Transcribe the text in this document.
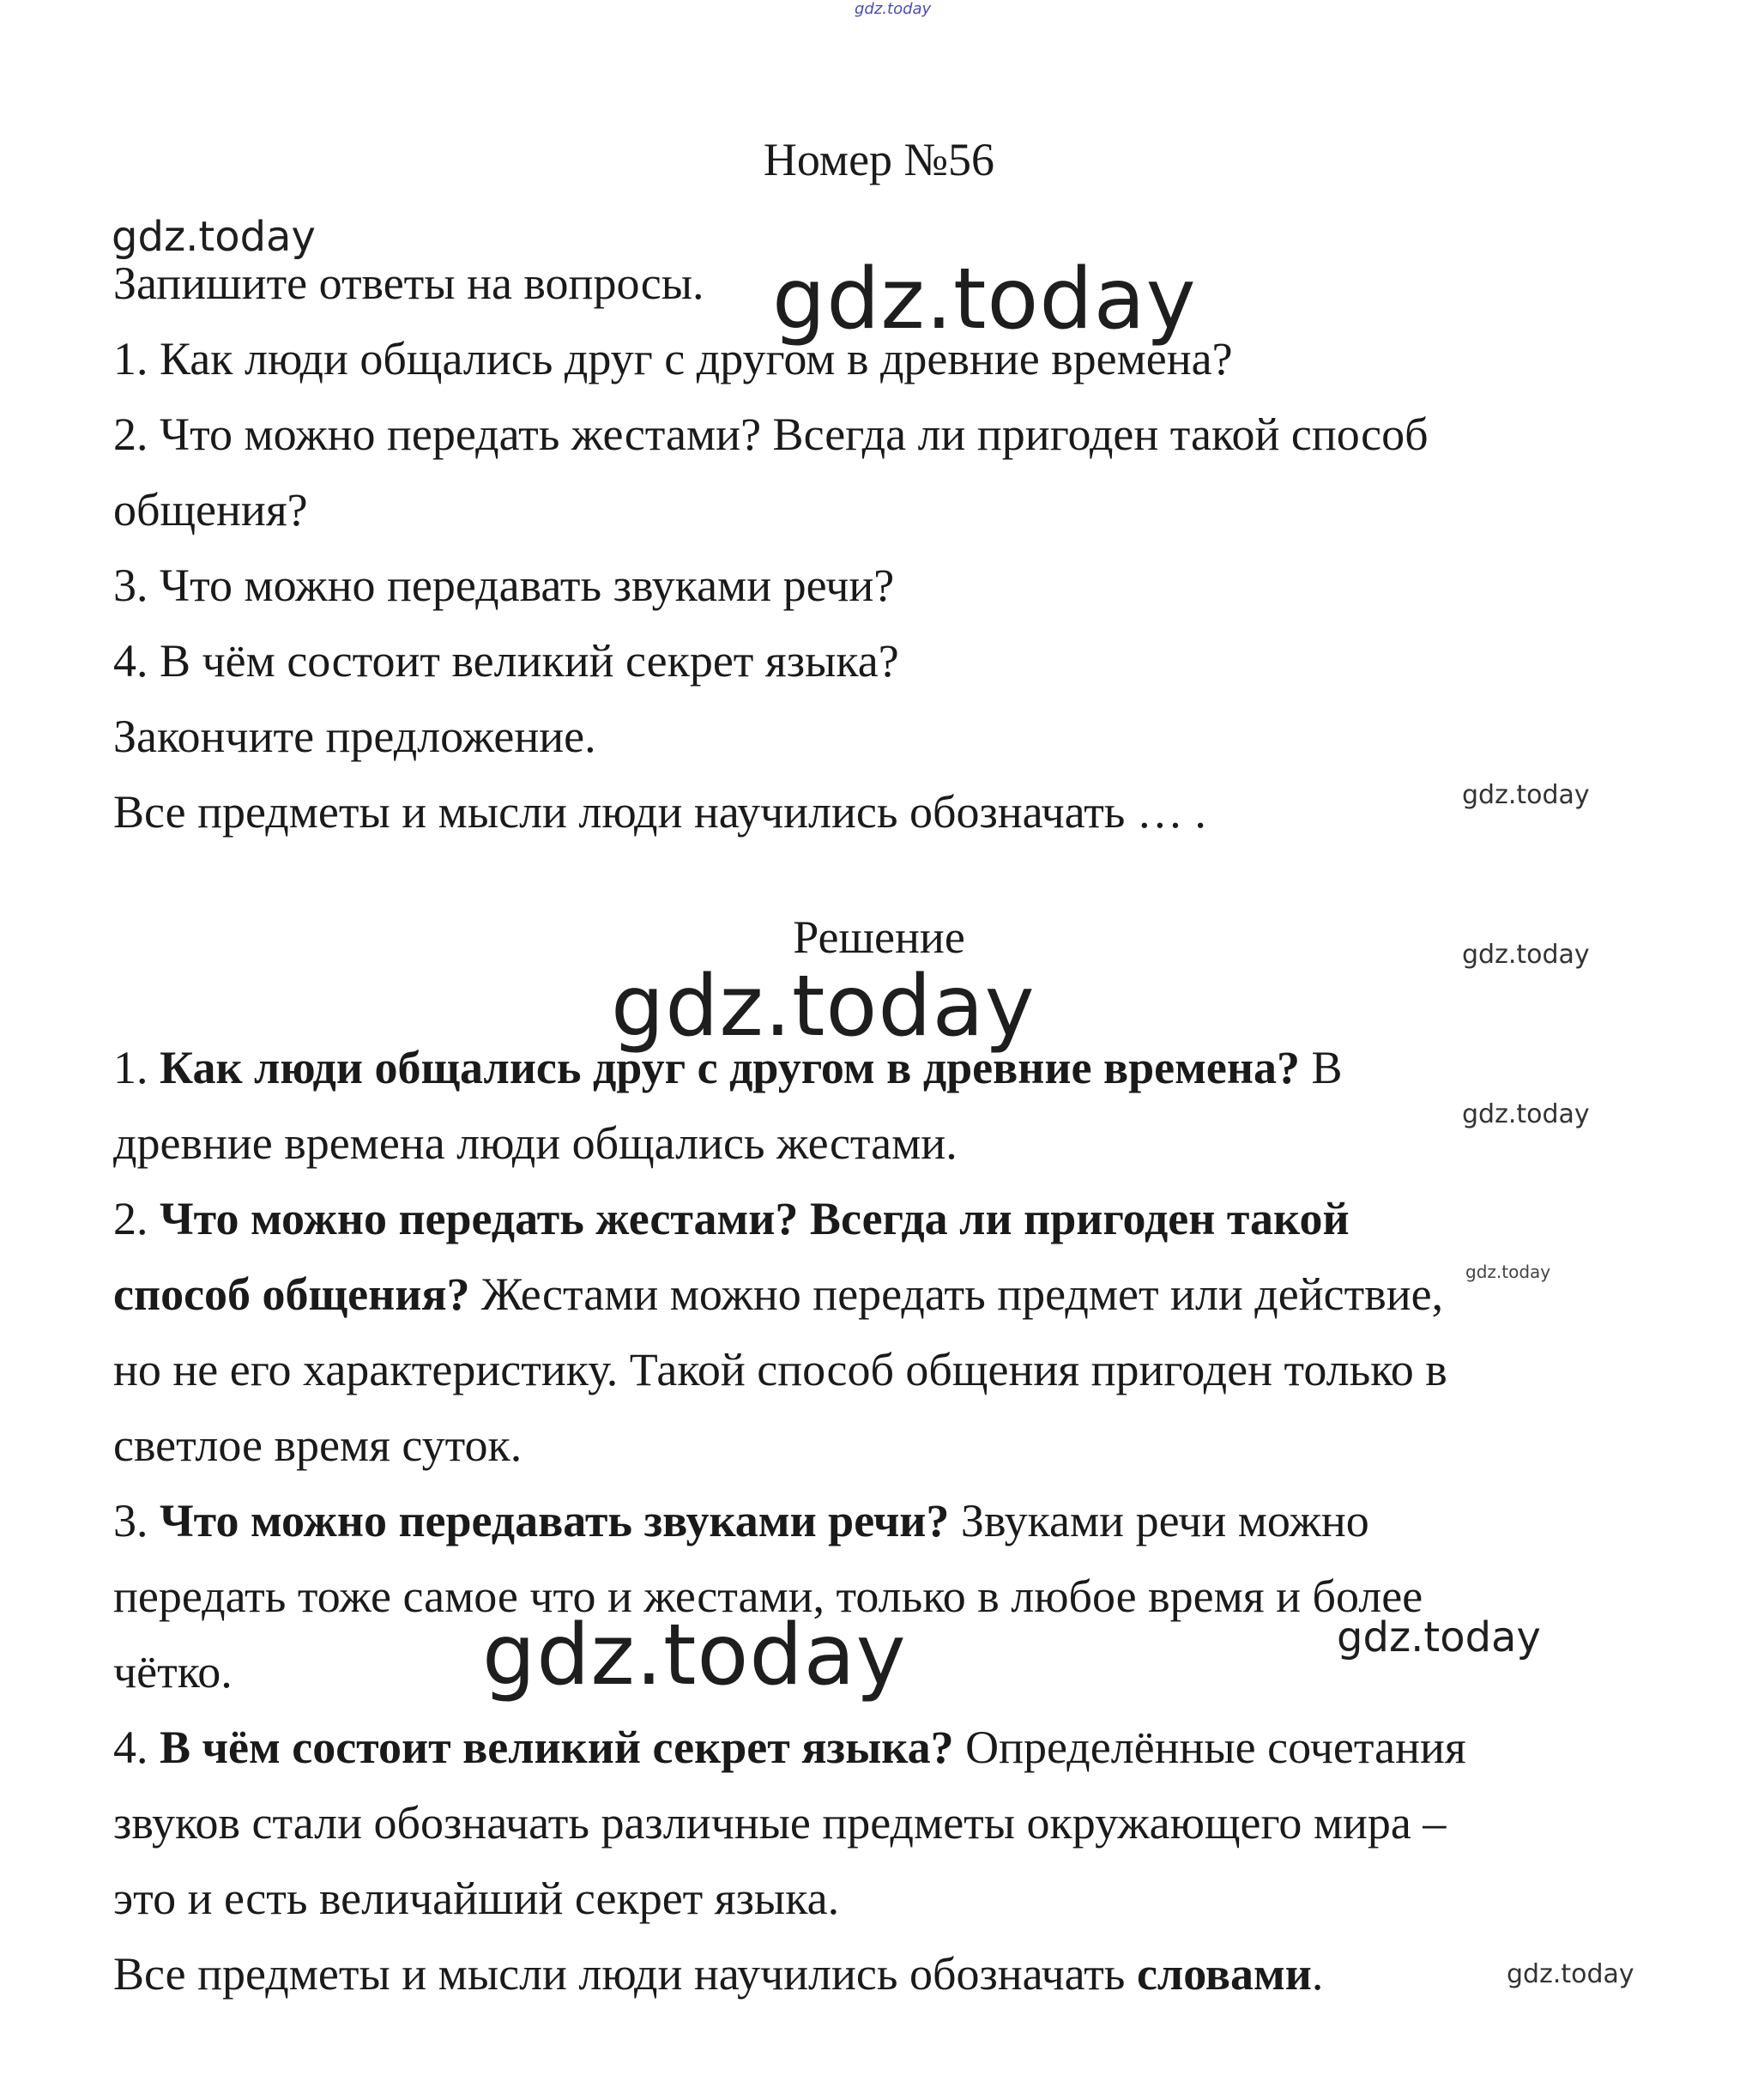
gdz.today
gdz.today
gdz.today
gdz.today
gdz.today
gdz.today
gdz.today
gdz.today
gdz.today	gdz.today
gdz.today
Номер №56
Запишите ответы на вопросы.
1. Как люди общались друг с другом в древние времена?
2. Что можно передать жестами? Всегда ли пригоден такой способ
общения?
3. Что можно передавать звуками речи?
4. В чём состоит великий секрет языка?
Закончите предложение.
Все предметы и мысли люди научились обозначать … .
Решение
1. Как люди общались друг с другом в древние времена? В
древние времена люди общались жестами.
2. Что можно передать жестами? Всегда ли пригоден такой
способ общения? Жестами можно передать предмет или действие,
но не его характеристику. Такой способ общения пригоден только в
светлое время суток.
3. Что можно передавать звуками речи? Звуками речи можно
передать тоже самое что и жестами, только в любое время и более
чётко.
4. В чём состоит великий секрет языка? Определённые сочетания
звуков стали обозначать различные предметы окружающего мира –
это и есть величайший секрет языка.
Все предметы и мысли люди научились обозначать словами.
